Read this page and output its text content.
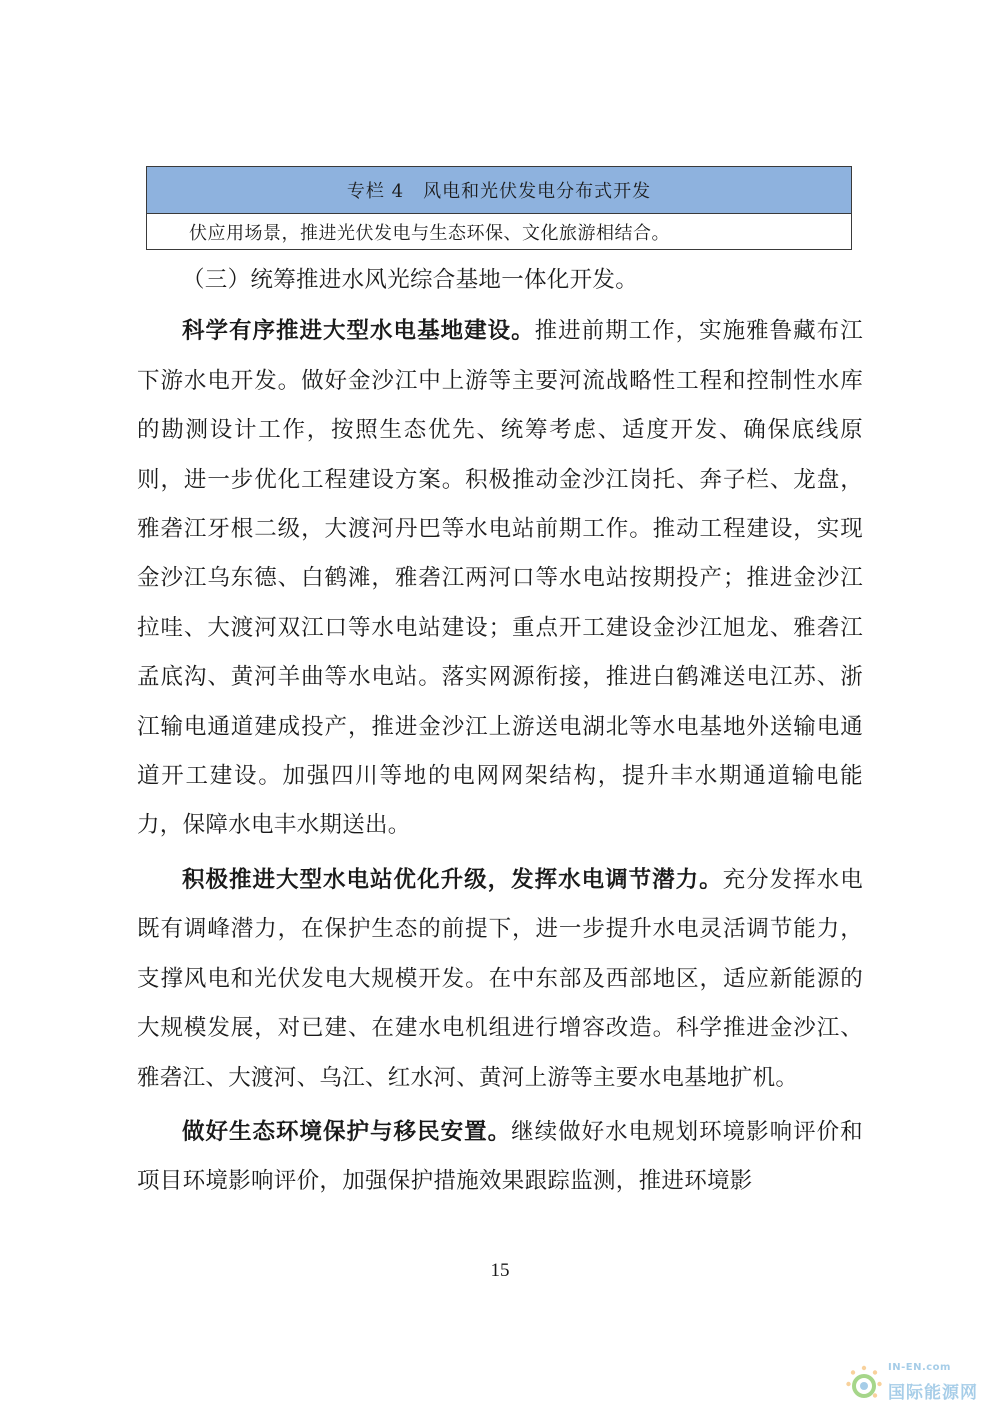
专栏 4　风电和光伏发电分布式开发
伏应用场景，推进光伏发电与生态环保、文化旅游相结合。

（三）统筹推进水风光综合基地一体化开发。

科学有序推进大型水电基地建设。推进前期工作，实施雅鲁藏布江下游水电开发。做好金沙江中上游等主要河流战略性工程和控制性水库的勘测设计工作，按照生态优先、统筹考虑、适度开发、确保底线原则，进一步优化工程建设方案。积极推动金沙江岗托、奔子栏、龙盘，雅砻江牙根二级，大渡河丹巴等水电站前期工作。推动工程建设，实现金沙江乌东德、白鹤滩，雅砻江两河口等水电站按期投产；推进金沙江拉哇、大渡河双江口等水电站建设；重点开工建设金沙江旭龙、雅砻江孟底沟、黄河羊曲等水电站。落实网源衔接，推进白鹤滩送电江苏、浙江输电通道建成投产，推进金沙江上游送电湖北等水电基地外送输电通道开工建设。加强四川等地的电网网架结构，提升丰水期通道输电能力，保障水电丰水期送出。

积极推进大型水电站优化升级，发挥水电调节潜力。充分发挥水电既有调峰潜力，在保护生态的前提下，进一步提升水电灵活调节能力，支撑风电和光伏发电大规模开发。在中东部及西部地区，适应新能源的大规模发展，对已建、在建水电机组进行增容改造。科学推进金沙江、雅砻江、大渡河、乌江、红水河、黄河上游等主要水电基地扩机。

做好生态环境保护与移民安置。继续做好水电规划环境影响评价和项目环境影响评价，加强保护措施效果跟踪监测，推进环境影

15
IN-EN.com
国际能源网
